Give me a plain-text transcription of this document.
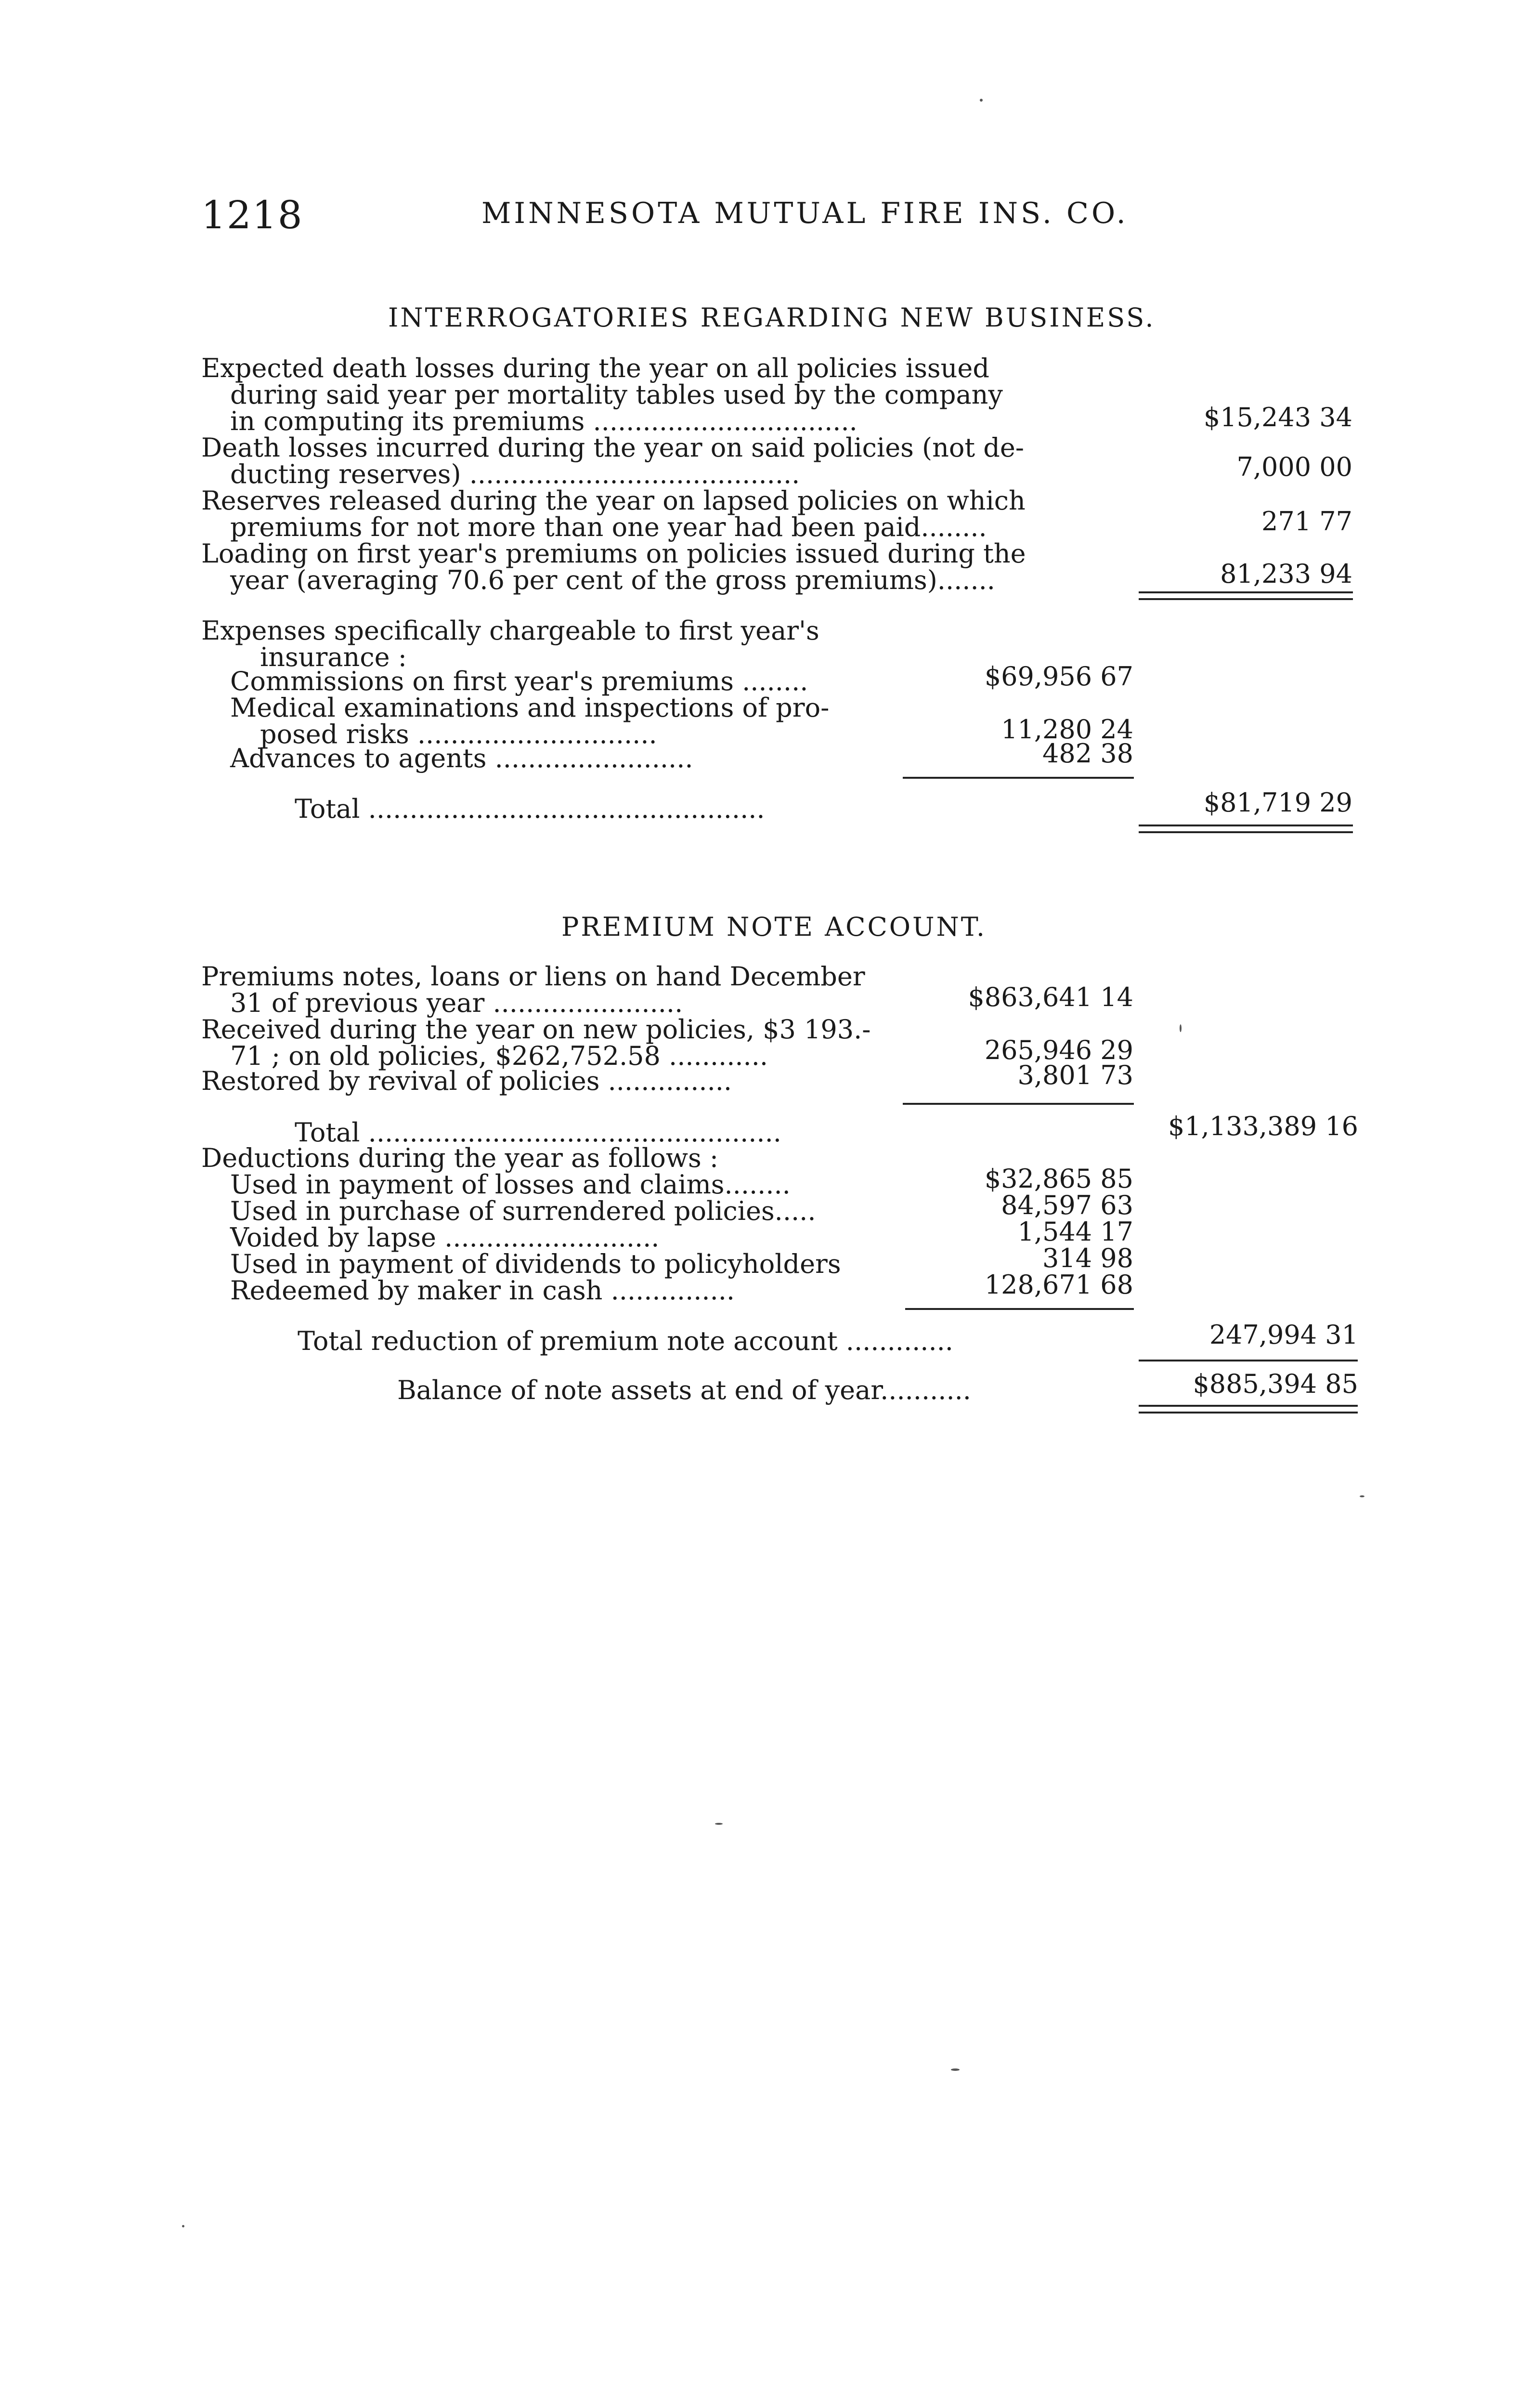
1218	MINNESOTA MUTUAL FIRE INS. CO.
INTERROGATORIES REGARDING NEW BUSINESS.
Expected death losses during the year on all policies issued
during said year per mortality tables used by the company
in computing its premiums ................................	$15,243 34
Death losses incurred during the year on said policies (not de-
ducting reserves) ........................................	7,000 00
Reserves released during the year on lapsed policies on which
premiums for not more than one year had been paid........	271 77
Loading on first year's premiums on policies issued during the
year (averaging 70.6 per cent of the gross premiums).......	81,233 94
Expenses specifically chargeable to first year's
insurance :
Commissions on first year's premiums ........	$69,956 67
Medical examinations and inspections of pro-
posed risks .............................	11,280 24
Advances to agents ........................	482 38
Total ................................................	$81,719 29
PREMIUM NOTE ACCOUNT.
Premiums notes, loans or liens on hand December
31 of previous year .......................	$863,641 14
Received during the year on new policies, $3 193.-
71 ; on old policies, $262,752.58 ............	265,946 29
Restored by revival of policies ...............	3,801 73
Total ..................................................	$1,133,389 16
Deductions during the year as follows :
Used in payment of losses and claims........	$32,865 85
Used in purchase of surrendered policies.....	84,597 63
Voided by lapse ..........................	1,544 17
Used in payment of dividends to policyholders	314 98
Redeemed by maker in cash ...............	128,671 68
Total reduction of premium note account .............	247,994 31
Balance of note assets at end of year...........	$885,394 85
